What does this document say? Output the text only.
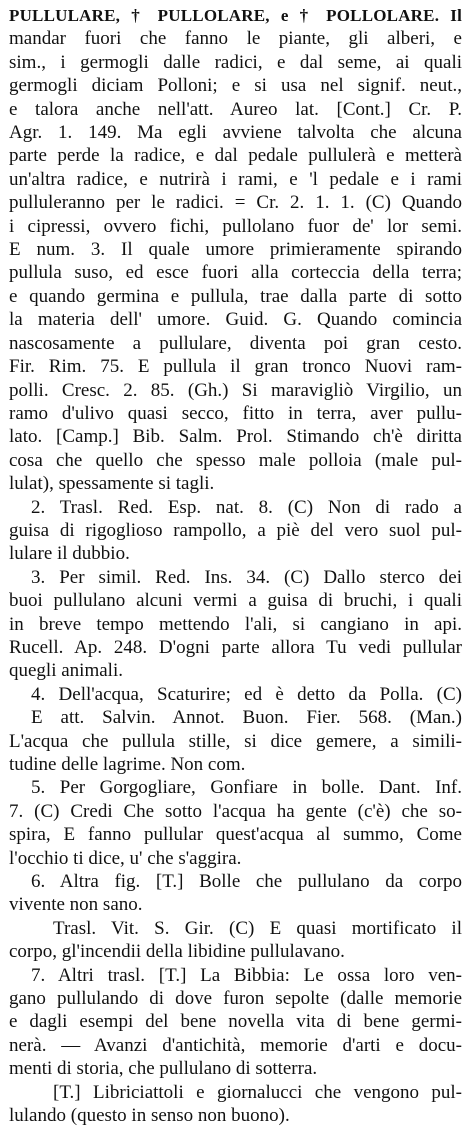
PULLULARE, † PULLOLARE, e † POLLOLARE. Il
mandar fuori che fanno le piante, gli alberi, e
sim., i germogli dalle radici, e dal seme, ai quali
germogli diciam Polloni; e si usa nel signif. neut.,
e talora anche nell'att. Aureo lat. [Cont.] Cr. P.
Agr. 1. 149. Ma egli avviene talvolta che alcuna
parte perde la radice, e dal pedale pullulerà e metterà
un'altra radice, e nutrirà i rami, e 'l pedale e i rami
pulluleranno per le radici. = Cr. 2. 1. 1. (C) Quando
i cipressi, ovvero fichi, pullolano fuor de' lor semi.
E num. 3. Il quale umore primieramente spirando
pullula suso, ed esce fuori alla corteccia della terra;
e quando germina e pullula, trae dalla parte di sotto
la materia dell' umore. Guid. G. Quando comincia
nascosamente a pullulare, diventa poi gran cesto.
Fir. Rim. 75. E pullula il gran tronco Nuovi ram-
polli. Cresc. 2. 85. (Gh.) Si maravigliò Virgilio, un
ramo d'ulivo quasi secco, fitto in terra, aver pullu-
lato. [Camp.] Bib. Salm. Prol. Stimando ch'è diritta
cosa che quello che spesso male polloia (male pul-
lulat), spessamente si tagli.
2. Trasl. Red. Esp. nat. 8. (C) Non di rado a
guisa di rigoglioso rampollo, a piè del vero suol pul-
lulare il dubbio.
3. Per simil. Red. Ins. 34. (C) Dallo sterco dei
buoi pullulano alcuni vermi a guisa di bruchi, i quali
in breve tempo mettendo l'ali, si cangiano in api.
Rucell. Ap. 248. D'ogni parte allora Tu vedi pullular
quegli animali.
4. Dell'acqua, Scaturire; ed è detto da Polla. (C)
E att. Salvin. Annot. Buon. Fier. 568. (Man.)
L'acqua che pullula stille, si dice gemere, a simili-
tudine delle lagrime. Non com.
5. Per Gorgogliare, Gonfiare in bolle. Dant. Inf.
7. (C) Credi Che sotto l'acqua ha gente (c'è) che so-
spira, E fanno pullular quest'acqua al summo, Come
l'occhio ti dice, u' che s'aggira.
6. Altra fig. [T.] Bolle che pullulano da corpo
vivente non sano.
Trasl. Vit. S. Gir. (C) E quasi mortificato il
corpo, gl'incendii della libidine pullulavano.
7. Altri trasl. [T.] La Bibbia: Le ossa loro ven-
gano pullulando di dove furon sepolte (dalle memorie
e dagli esempi del bene novella vita di bene germi-
nerà. — Avanzi d'antichità, memorie d'arti e docu-
menti di storia, che pullulano di sotterra.
[T.] Libriciattoli e giornalucci che vengono pul-
lulando (questo in senso non buono).
